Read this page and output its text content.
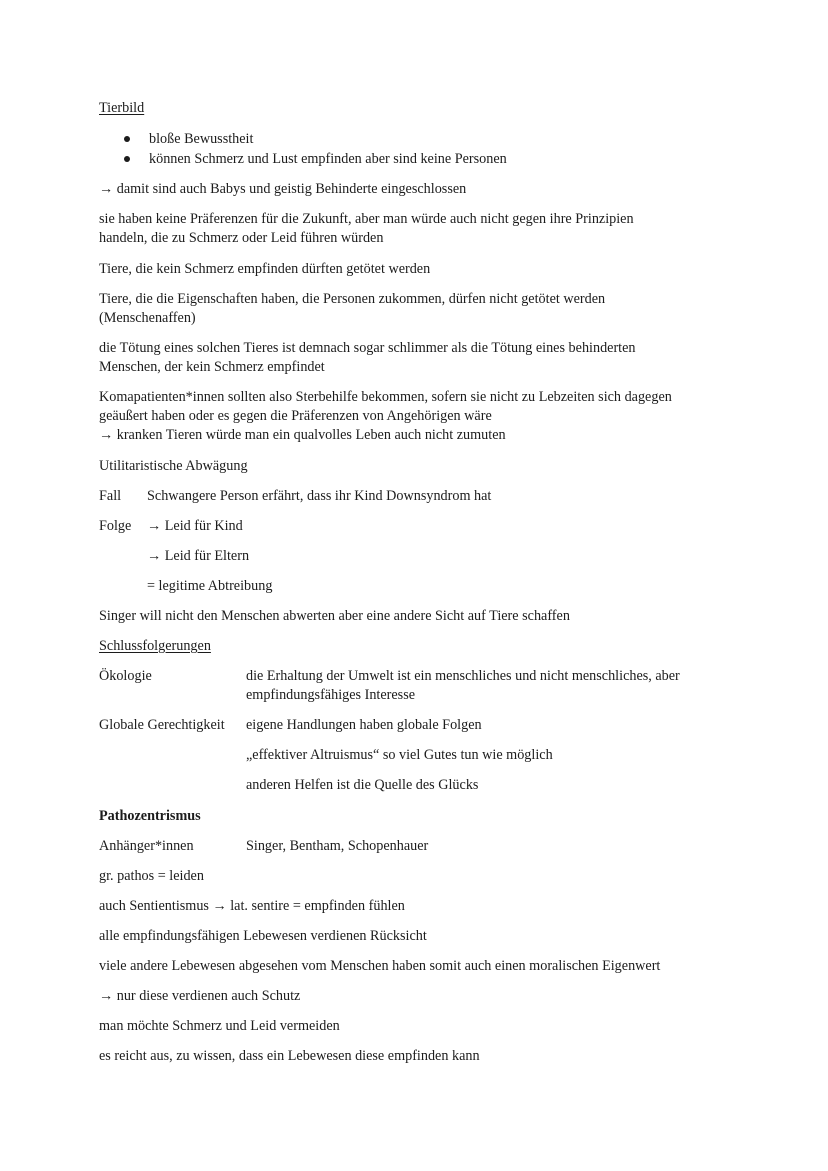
Tierbild
bloße Bewusstheit
können Schmerz und Lust empfinden aber sind keine Personen
→ damit sind auch Babys und geistig Behinderte eingeschlossen
sie haben keine Präferenzen für die Zukunft, aber man würde auch nicht gegen ihre Prinzipien
handeln, die zu Schmerz oder Leid führen würden
Tiere, die kein Schmerz empfinden dürften getötet werden
Tiere, die die Eigenschaften haben, die Personen zukommen, dürfen nicht getötet werden
(Menschenaffen)
die Tötung eines solchen Tieres ist demnach sogar schlimmer als die Tötung eines behinderten
Menschen, der kein Schmerz empfindet
Komapatienten*innen sollten also Sterbehilfe bekommen, sofern sie nicht zu Lebzeiten sich dagegen
geäußert haben oder es gegen die Präferenzen von Angehörigen wäre
→ kranken Tieren würde man ein qualvolles Leben auch nicht zumuten
Utilitaristische Abwägung
Fall Schwangere Person erfährt, dass ihr Kind Downsyndrom hat
Folge → Leid für Kind
→ Leid für Eltern
= legitime Abtreibung
Singer will nicht den Menschen abwerten aber eine andere Sicht auf Tiere schaffen
Schlussfolgerungen
Ökologie	die Erhaltung der Umwelt ist ein menschliches und nicht menschliches, aber
empfindungsfähiges Interesse
Globale Gerechtigkeit eigene Handlungen haben globale Folgen
„effektiver Altruismus“ so viel Gutes tun wie möglich
anderen Helfen ist die Quelle des Glücks
Pathozentrismus
Anhänger*innen	Singer, Bentham, Schopenhauer
gr. pathos = leiden
auch Sentientismus → lat. sentire = empfinden fühlen
alle empfindungsfähigen Lebewesen verdienen Rücksicht
viele andere Lebewesen abgesehen vom Menschen haben somit auch einen moralischen Eigenwert
→ nur diese verdienen auch Schutz
man möchte Schmerz und Leid vermeiden
es reicht aus, zu wissen, dass ein Lebewesen diese empfinden kann
